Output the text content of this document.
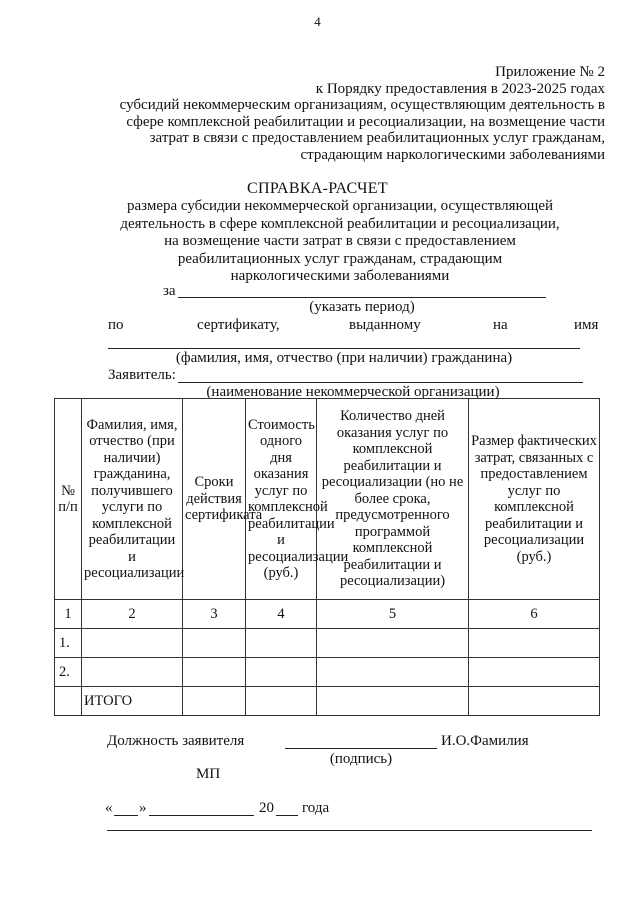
4
Приложение № 2
к Порядку предоставления в 2023-2025 годах
субсидий некоммерческим организациям, осуществляющим деятельность в
сфере комплексной реабилитации и ресоциализации, на возмещение части
затрат в связи с предоставлением реабилитационных услуг гражданам,
страдающим наркологическими заболеваниями
СПРАВКА-РАСЧЕТ
размера субсидии некоммерческой организации, осуществляющей
деятельность в сфере комплексной реабилитации и ресоциализации,
на возмещение части затрат в связи с предоставлением
реабилитационных услуг гражданам, страдающим
наркологическими заболеваниями
за
(указать период)
по	сертификату,	выданному	на	имя
(фамилия, имя, отчество (при наличии) гражданина)
Заявитель:
(наименование некоммерческой организации)
№ п/п	Фамилия, имя, отчество (при наличии) гражданина, получившего услуги по комплексной реабилитации и ресоциализации	Сроки действия сертификата	Стоимость одного дня оказания услуг по комплексной реабилитации и ресоциализации (руб.)	Количество дней оказания услуг по комплексной реабилитации и ресоциализации (но не более срока, предусмотренного программой комплексной реабилитации и ресоциализации)	Размер фактических затрат, связанных с предоставлением услуг по комплексной реабилитации и ресоциализации (руб.)
1	2	3	4	5	6
1.					
2.					
	ИТОГО				
Должность заявителя	И.О.Фамилия
(подпись)
МП
« »	20 года
